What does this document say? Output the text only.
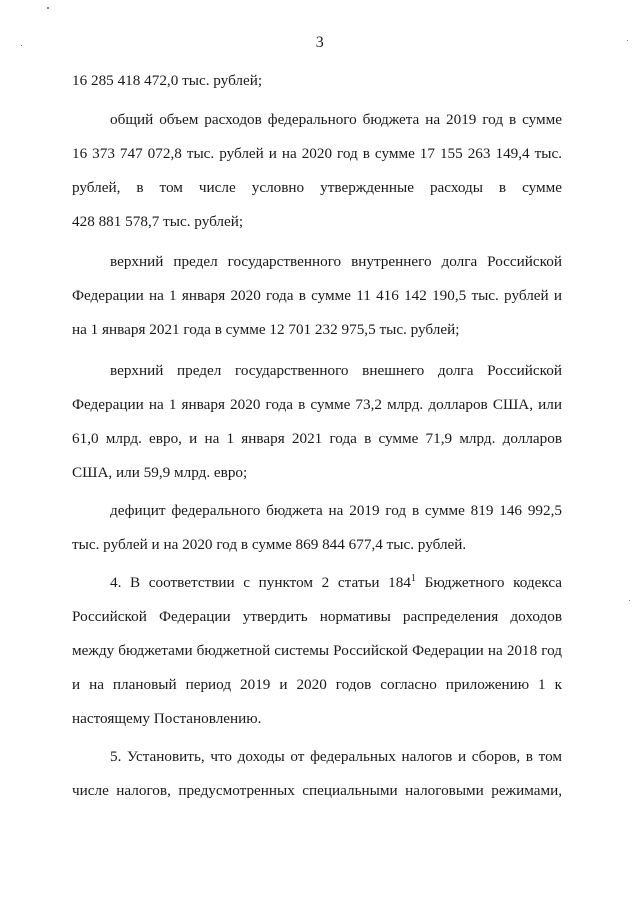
3
16 285 418 472,0 тыс. рублей;
общий объем расходов федерального бюджета на 2019 год в сумме
16 373 747 072,8 тыс. рублей и на 2020 год в сумме 17 155 263 149,4 тыс.
рублей, в том числе условно утвержденные расходы в сумме
428 881 578,7 тыс. рублей;
верхний предел государственного внутреннего долга Российской
Федерации на 1 января 2020 года в сумме 11 416 142 190,5 тыс. рублей и
на 1 января 2021 года в сумме 12 701 232 975,5 тыс. рублей;
верхний предел государственного внешнего долга Российской
Федерации на 1 января 2020 года в сумме 73,2 млрд. долларов США, или
61,0 млрд. евро, и на 1 января 2021 года в сумме 71,9 млрд. долларов
США, или 59,9 млрд. евро;
дефицит федерального бюджета на 2019 год в сумме 819 146 992,5
тыс. рублей и на 2020 год в сумме 869 844 677,4 тыс. рублей.
4. В соответствии с пунктом 2 статьи $184^1$ Бюджетного кодекса
Российской Федерации утвердить нормативы распределения доходов
между бюджетами бюджетной системы Российской Федерации на 2018 год
и на плановый период 2019 и 2020 годов согласно приложению 1 к
настоящему Постановлению.
5. Установить, что доходы от федеральных налогов и сборов, в том
числе налогов, предусмотренных специальными налоговыми режимами,
